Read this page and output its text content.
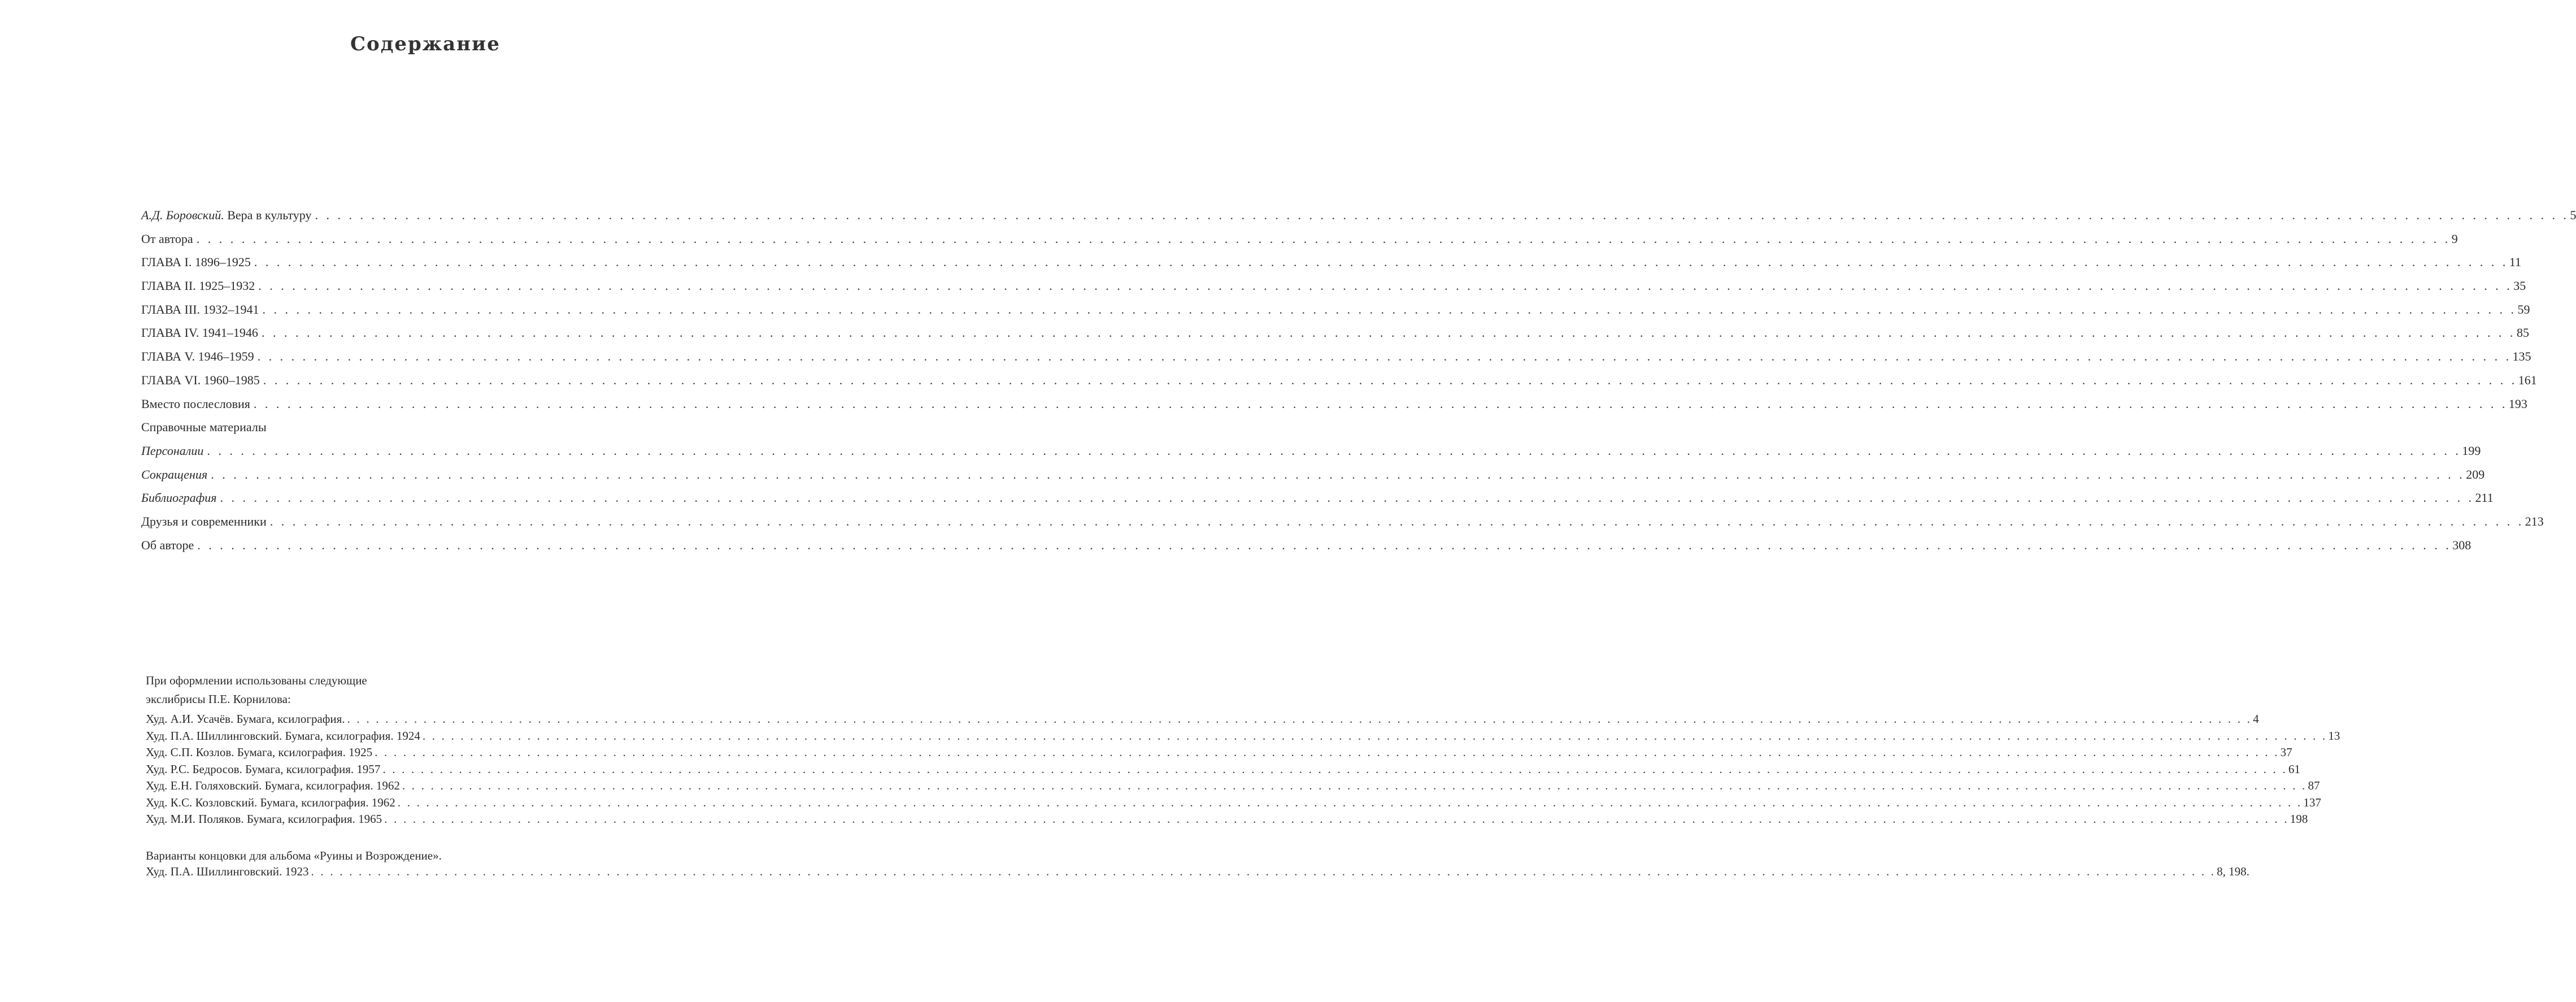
Содержание
А.Д. Боровский. Вера в культуру . . . . . . . . . . . . . . . . . . . . . . . . . . . . . . . . . . . . . . . . . . . . . . . . . . . . . . . . . . . . . . . . . . . . . . . . . . . . . . . . . . . . . . . . . . . . . . . . . . . . . . . . . . . . . . . . . . . . . . . . . . . . . . . . . . . . . . . . . . . . . . . . . . . . . . . . . . . . . . . . . . . . . . . . . . . . . . . . . . . . . . . . . . . . . . . . . . . . . . . . 5
От автора . . . . . . . . . . . . . . . . . . . . . . . . . . . . . . . . . . . . . . . . . . . . . . . . . . . . . . . . . . . . . . . . . . . . . . . . . . . . . . . . . . . . . . . . . . . . . . . . . . . . . . . . . . . . . . . . . . . . . . . . . . . . . . . . . . . . . . . . . . . . . . . . . . . . . . . . . . . . . . . . . . . . . . . . . . . . . . . . . . . . . . . . . . . . . . . . . . . . . . . . 9
ГЛАВА I. 1896–1925 . . . . . . . . . . . . . . . . . . . . . . . . . . . . . . . . . . . . . . . . . . . . . . . . . . . . . . . . . . . . . . . . . . . . . . . . . . . . . . . . . . . . . . . . . . . . . . . . . . . . . . . . . . . . . . . . . . . . . . . . . . . . . . . . . . . . . . . . . . . . . . . . . . . . . . . . . . . . . . . . . . . . . . . . . . . . . . . . . . . . . . . . . . . . . . . . . . . . . . . . 11
ГЛАВА II. 1925–1932 . . . . . . . . . . . . . . . . . . . . . . . . . . . . . . . . . . . . . . . . . . . . . . . . . . . . . . . . . . . . . . . . . . . . . . . . . . . . . . . . . . . . . . . . . . . . . . . . . . . . . . . . . . . . . . . . . . . . . . . . . . . . . . . . . . . . . . . . . . . . . . . . . . . . . . . . . . . . . . . . . . . . . . . . . . . . . . . . . . . . . . . . . . . . . . . . . . . . . . . . 35
ГЛАВА III. 1932–1941 . . . . . . . . . . . . . . . . . . . . . . . . . . . . . . . . . . . . . . . . . . . . . . . . . . . . . . . . . . . . . . . . . . . . . . . . . . . . . . . . . . . . . . . . . . . . . . . . . . . . . . . . . . . . . . . . . . . . . . . . . . . . . . . . . . . . . . . . . . . . . . . . . . . . . . . . . . . . . . . . . . . . . . . . . . . . . . . . . . . . . . . . . . . . . . . . . . . . . . . . 59
ГЛАВА IV. 1941–1946 . . . . . . . . . . . . . . . . . . . . . . . . . . . . . . . . . . . . . . . . . . . . . . . . . . . . . . . . . . . . . . . . . . . . . . . . . . . . . . . . . . . . . . . . . . . . . . . . . . . . . . . . . . . . . . . . . . . . . . . . . . . . . . . . . . . . . . . . . . . . . . . . . . . . . . . . . . . . . . . . . . . . . . . . . . . . . . . . . . . . . . . . . . . . . . . . . . . . . . . . 85
ГЛАВА V. 1946–1959 . . . . . . . . . . . . . . . . . . . . . . . . . . . . . . . . . . . . . . . . . . . . . . . . . . . . . . . . . . . . . . . . . . . . . . . . . . . . . . . . . . . . . . . . . . . . . . . . . . . . . . . . . . . . . . . . . . . . . . . . . . . . . . . . . . . . . . . . . . . . . . . . . . . . . . . . . . . . . . . . . . . . . . . . . . . . . . . . . . . . . . . . . . . . . . . . . . . . . . . . 135
ГЛАВА VI. 1960–1985 . . . . . . . . . . . . . . . . . . . . . . . . . . . . . . . . . . . . . . . . . . . . . . . . . . . . . . . . . . . . . . . . . . . . . . . . . . . . . . . . . . . . . . . . . . . . . . . . . . . . . . . . . . . . . . . . . . . . . . . . . . . . . . . . . . . . . . . . . . . . . . . . . . . . . . . . . . . . . . . . . . . . . . . . . . . . . . . . . . . . . . . . . . . . . . . . . . . . . . . . 161
Вместо послесловия . . . . . . . . . . . . . . . . . . . . . . . . . . . . . . . . . . . . . . . . . . . . . . . . . . . . . . . . . . . . . . . . . . . . . . . . . . . . . . . . . . . . . . . . . . . . . . . . . . . . . . . . . . . . . . . . . . . . . . . . . . . . . . . . . . . . . . . . . . . . . . . . . . . . . . . . . . . . . . . . . . . . . . . . . . . . . . . . . . . . . . . . . . . . . . . . . . . . . . . . 193
Справочные материалы
Персоналии . . . . . . . . . . . . . . . . . . . . . . . . . . . . . . . . . . . . . . . . . . . . . . . . . . . . . . . . . . . . . . . . . . . . . . . . . . . . . . . . . . . . . . . . . . . . . . . . . . . . . . . . . . . . . . . . . . . . . . . . . . . . . . . . . . . . . . . . . . . . . . . . . . . . . . . . . . . . . . . . . . . . . . . . . . . . . . . . . . . . . . . . . . . . . . . . . . . . . . . . 199
Сокращения . . . . . . . . . . . . . . . . . . . . . . . . . . . . . . . . . . . . . . . . . . . . . . . . . . . . . . . . . . . . . . . . . . . . . . . . . . . . . . . . . . . . . . . . . . . . . . . . . . . . . . . . . . . . . . . . . . . . . . . . . . . . . . . . . . . . . . . . . . . . . . . . . . . . . . . . . . . . . . . . . . . . . . . . . . . . . . . . . . . . . . . . . . . . . . . . . . . . . . . . 209
Библиография . . . . . . . . . . . . . . . . . . . . . . . . . . . . . . . . . . . . . . . . . . . . . . . . . . . . . . . . . . . . . . . . . . . . . . . . . . . . . . . . . . . . . . . . . . . . . . . . . . . . . . . . . . . . . . . . . . . . . . . . . . . . . . . . . . . . . . . . . . . . . . . . . . . . . . . . . . . . . . . . . . . . . . . . . . . . . . . . . . . . . . . . . . . . . . . . . . . . . . . . 211
Друзья и современники . . . . . . . . . . . . . . . . . . . . . . . . . . . . . . . . . . . . . . . . . . . . . . . . . . . . . . . . . . . . . . . . . . . . . . . . . . . . . . . . . . . . . . . . . . . . . . . . . . . . . . . . . . . . . . . . . . . . . . . . . . . . . . . . . . . . . . . . . . . . . . . . . . . . . . . . . . . . . . . . . . . . . . . . . . . . . . . . . . . . . . . . . . . . . . . . . . . . . . . . 213
Об авторе . . . . . . . . . . . . . . . . . . . . . . . . . . . . . . . . . . . . . . . . . . . . . . . . . . . . . . . . . . . . . . . . . . . . . . . . . . . . . . . . . . . . . . . . . . . . . . . . . . . . . . . . . . . . . . . . . . . . . . . . . . . . . . . . . . . . . . . . . . . . . . . . . . . . . . . . . . . . . . . . . . . . . . . . . . . . . . . . . . . . . . . . . . . . . . . . . . . . . . . . 308
При оформлении использованы следующие
экслибрисы П.Е. Корнилова:
Худ. А.И. Усачёв. Бумага, ксилография. . . . . . . . . . . . . . . . . . . . . . . . . . . . . . . . . . . . . . . . . . . . . . . . . . . . . . . . . . . . . . . . . . . . . . . . . . . . . . . . . . . . . . . . . . . . . . . . . . . . . . . . . . . . . . . . . . . . . . . . . . . . . . . . . . . . . . . . . . . . . . . . . . . . . . . . . . . . . . . . . . . . . . . . . . . . . . . . . . . . . . . . . . . . . . . . . . . . . . . . . 4
Худ. П.А. Шиллинговский. Бумага, ксилография. 1924 . . . . . . . . . . . . . . . . . . . . . . . . . . . . . . . . . . . . . . . . . . . . . . . . . . . . . . . . . . . . . . . . . . . . . . . . . . . . . . . . . . . . . . . . . . . . . . . . . . . . . . . . . . . . . . . . . . . . . . . . . . . . . . . . . . . . . . . . . . . . . . . . . . . . . . . . . . . . . . . . . . . . . . . . . . . . . . . . . . . . . . . . . . . . . . . . . . . . . . . . 13
Худ. С.П. Козлов. Бумага, ксилография. 1925 . . . . . . . . . . . . . . . . . . . . . . . . . . . . . . . . . . . . . . . . . . . . . . . . . . . . . . . . . . . . . . . . . . . . . . . . . . . . . . . . . . . . . . . . . . . . . . . . . . . . . . . . . . . . . . . . . . . . . . . . . . . . . . . . . . . . . . . . . . . . . . . . . . . . . . . . . . . . . . . . . . . . . . . . . . . . . . . . . . . . . . . . . . . . . . . . . . . . . . . . 37
Худ. Р.С. Бедросов. Бумага, ксилография. 1957 . . . . . . . . . . . . . . . . . . . . . . . . . . . . . . . . . . . . . . . . . . . . . . . . . . . . . . . . . . . . . . . . . . . . . . . . . . . . . . . . . . . . . . . . . . . . . . . . . . . . . . . . . . . . . . . . . . . . . . . . . . . . . . . . . . . . . . . . . . . . . . . . . . . . . . . . . . . . . . . . . . . . . . . . . . . . . . . . . . . . . . . . . . . . . . . . . . . . . . . . 61
Худ. Е.Н. Голяховский. Бумага, ксилография. 1962 . . . . . . . . . . . . . . . . . . . . . . . . . . . . . . . . . . . . . . . . . . . . . . . . . . . . . . . . . . . . . . . . . . . . . . . . . . . . . . . . . . . . . . . . . . . . . . . . . . . . . . . . . . . . . . . . . . . . . . . . . . . . . . . . . . . . . . . . . . . . . . . . . . . . . . . . . . . . . . . . . . . . . . . . . . . . . . . . . . . . . . . . . . . . . . . . . . . . . . . . 87
Худ. К.С. Козловский. Бумага, ксилография. 1962 . . . . . . . . . . . . . . . . . . . . . . . . . . . . . . . . . . . . . . . . . . . . . . . . . . . . . . . . . . . . . . . . . . . . . . . . . . . . . . . . . . . . . . . . . . . . . . . . . . . . . . . . . . . . . . . . . . . . . . . . . . . . . . . . . . . . . . . . . . . . . . . . . . . . . . . . . . . . . . . . . . . . . . . . . . . . . . . . . . . . . . . . . . . . . . . . . . . . . . . . 137
Худ. М.И. Поляков. Бумага, ксилография. 1965 . . . . . . . . . . . . . . . . . . . . . . . . . . . . . . . . . . . . . . . . . . . . . . . . . . . . . . . . . . . . . . . . . . . . . . . . . . . . . . . . . . . . . . . . . . . . . . . . . . . . . . . . . . . . . . . . . . . . . . . . . . . . . . . . . . . . . . . . . . . . . . . . . . . . . . . . . . . . . . . . . . . . . . . . . . . . . . . . . . . . . . . . . . . . . . . . . . . . . . . . 198
Варианты концовки для альбома «Руины и Возрождение».
Худ. П.А. Шиллинговский. 1923 . . . . . . . . . . . . . . . . . . . . . . . . . . . . . . . . . . . . . . . . . . . . . . . . . . . . . . . . . . . . . . . . . . . . . . . . . . . . . . . . . . . . . . . . . . . . . . . . . . . . . . . . . . . . . . . . . . . . . . . . . . . . . . . . . . . . . . . . . . . . . . . . . . . . . . . . . . . . . . . . . . . . . . . . . . . . . . . . . . . . . . . . . . . . . . . . . . . . . . . . 8, 198.
